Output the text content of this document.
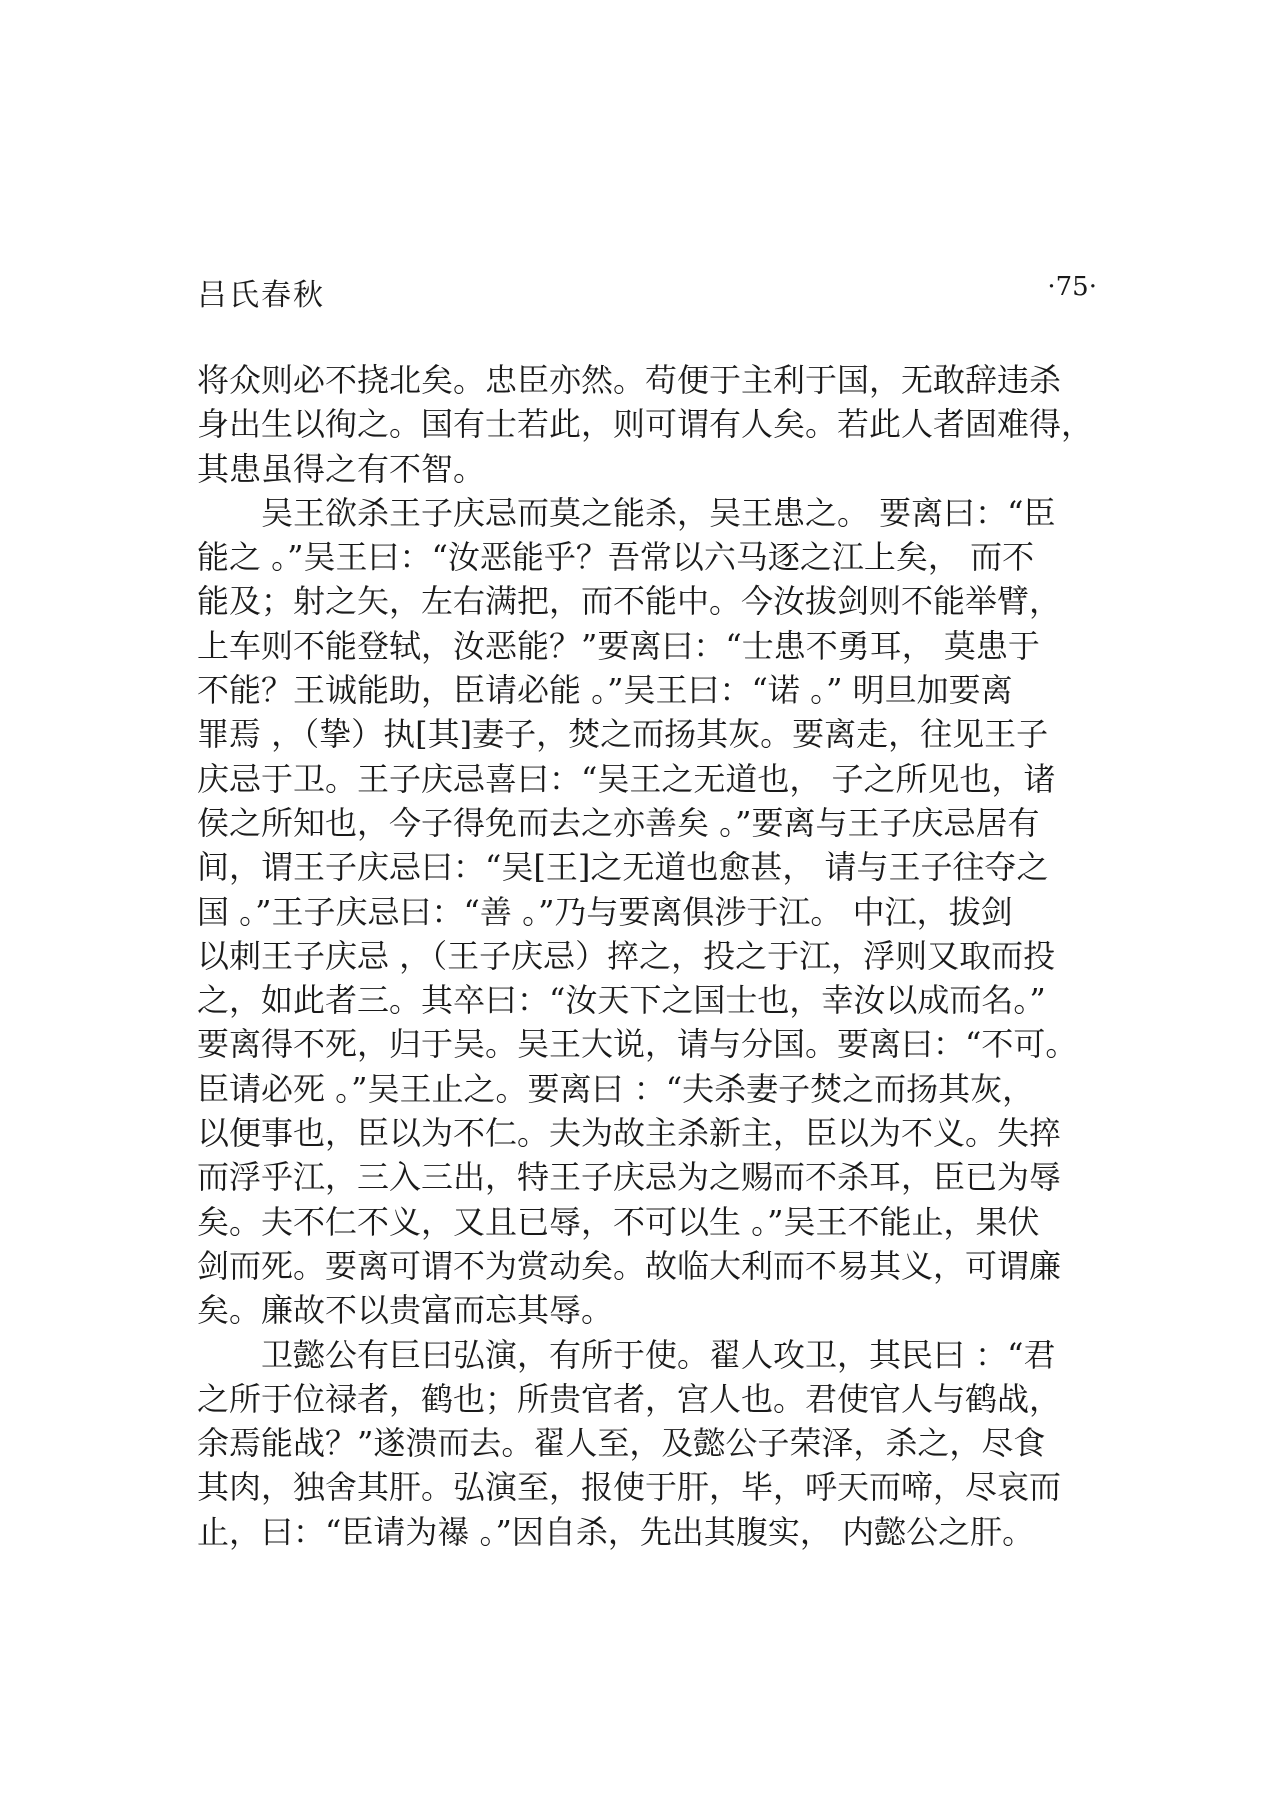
吕氏春秋	·75·
将众则必不挠北矣。忠臣亦然。苟便于主利于国，无敢辞违杀
身出生以徇之。国有士若此，则可谓有人矣。若此人者固难得，
其患虽得之有不智。
吴王欲杀王子庆忌而莫之能杀，吴王患之。 要离曰：“臣
能之 。”吴王曰：“汝恶能乎？吾常以六马逐之江上矣， 而不
能及；射之矢，左右满把，而不能中。今汝拔剑则不能举臂，
上车则不能登轼，汝恶能？”要离曰：“士患不勇耳， 莫患于
不能？王诚能助，臣请必能 。”吴王曰：“诺 。” 明旦加要离
罪焉 ，（挚）执[其]妻子，焚之而扬其灰。要离走，往见王子
庆忌于卫。王子庆忌喜曰：“吴王之无道也， 子之所见也，诸
侯之所知也，今子得免而去之亦善矣 。”要离与王子庆忌居有
间，谓王子庆忌曰：“吴[王]之无道也愈甚， 请与王子往夺之
国 。”王子庆忌曰：“善 。”乃与要离俱涉于江。 中江，拔剑
以刺王子庆忌 ，（王子庆忌）捽之，投之于江，浮则又取而投
之，如此者三。其卒曰：“汝天下之国士也，幸汝以成而名。”
要离得不死，归于吴。吴王大说，请与分国。要离曰：“不可。
臣请必死 。”吴王止之。要离曰 ：“夫杀妻子焚之而扬其灰，
以便事也，臣以为不仁。夫为故主杀新主，臣以为不义。失捽
而浮乎江，三入三出，特王子庆忌为之赐而不杀耳，臣已为辱
矣。夫不仁不义，又且已辱，不可以生 。”吴王不能止，果伏
剑而死。要离可谓不为赏动矣。故临大利而不易其义，可谓廉
矣。廉故不以贵富而忘其辱。
卫懿公有巨曰弘演，有所于使。翟人攻卫，其民曰 ：“君
之所于位禄者，鹤也；所贵官者，宫人也。君使官人与鹤战，
余焉能战？”遂溃而去。翟人至，及懿公子荣泽，杀之，尽食
其肉，独舍其肝。弘演至，报使于肝，毕，呼天而啼，尽哀而
止，曰：“臣请为襮 。”因自杀，先出其腹实， 内懿公之肝。
